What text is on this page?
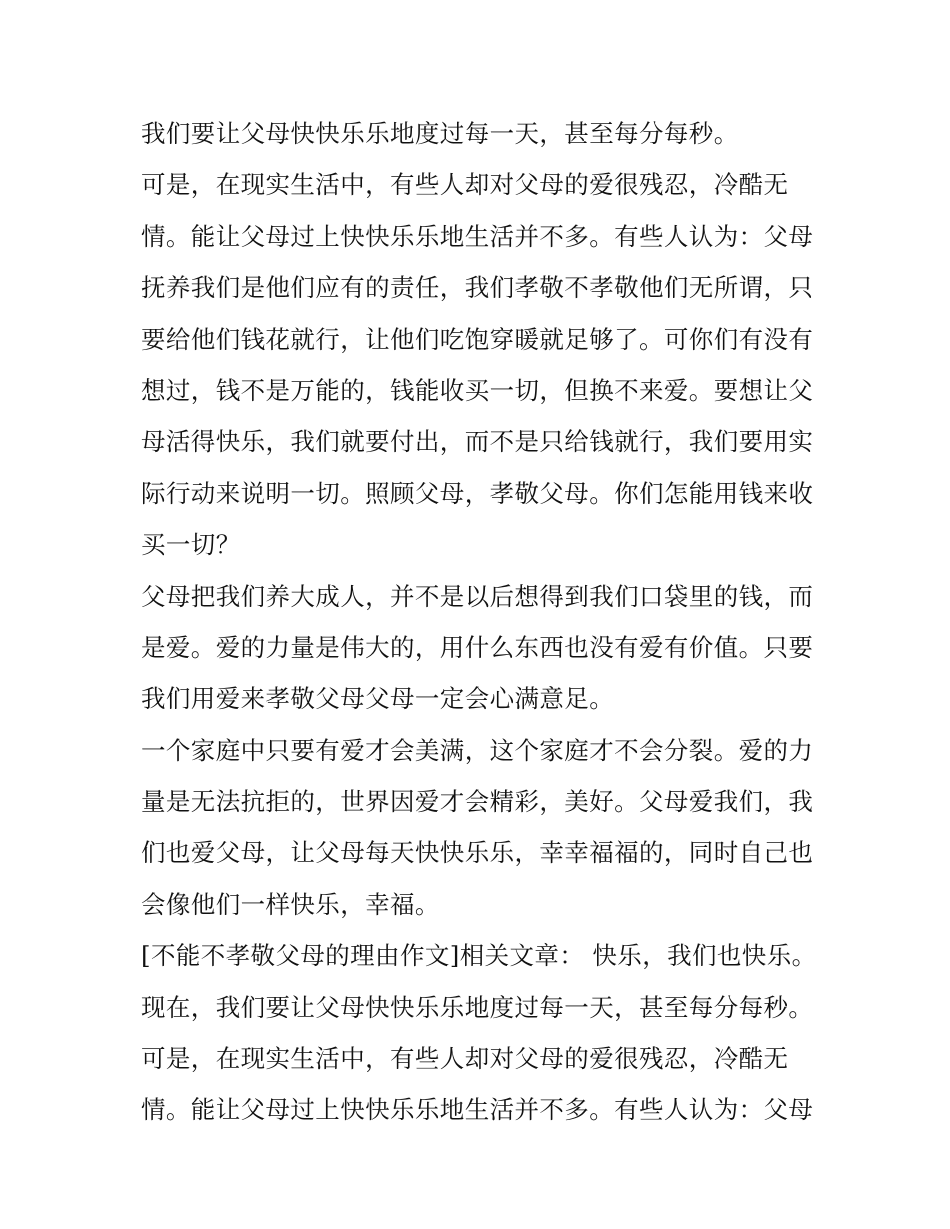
我们要让父母快快乐乐地度过每一天，甚至每分每秒。
可是，在现实生活中，有些人却对父母的爱很残忍，冷酷无
情。能让父母过上快快乐乐地生活并不多。有些人认为：父母
抚养我们是他们应有的责任，我们孝敬不孝敬他们无所谓，只
要给他们钱花就行，让他们吃饱穿暖就足够了。可你们有没有
想过，钱不是万能的，钱能收买一切，但换不来爱。要想让父
母活得快乐，我们就要付出，而不是只给钱就行，我们要用实
际行动来说明一切。照顾父母，孝敬父母。你们怎能用钱来收
买一切？
父母把我们养大成人，并不是以后想得到我们口袋里的钱，而
是爱。爱的力量是伟大的，用什么东西也没有爱有价值。只要
我们用爱来孝敬父母父母一定会心满意足。
一个家庭中只要有爱才会美满，这个家庭才不会分裂。爱的力
量是无法抗拒的，世界因爱才会精彩，美好。父母爱我们，我
们也爱父母，让父母每天快快乐乐，幸幸福福的，同时自己也
会像他们一样快乐，幸福。
[不能不孝敬父母的理由作文]相关文章： 快乐，我们也快乐。
现在，我们要让父母快快乐乐地度过每一天，甚至每分每秒。
可是，在现实生活中，有些人却对父母的爱很残忍，冷酷无
情。能让父母过上快快乐乐地生活并不多。有些人认为：父母
